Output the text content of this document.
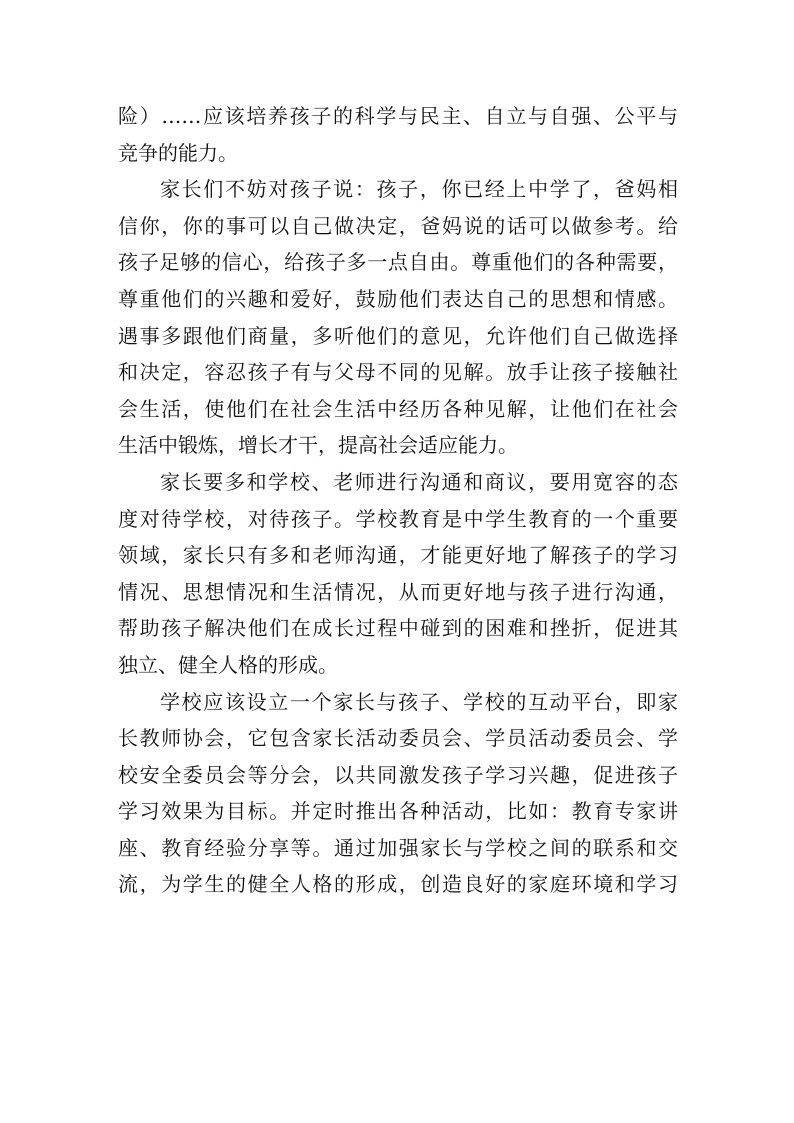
险）……应该培养孩子的科学与民主、自立与自强、公平与
竞争的能力。
家长们不妨对孩子说：孩子，你已经上中学了，爸妈相
信你，你的事可以自己做决定，爸妈说的话可以做参考。给
孩子足够的信心，给孩子多一点自由。尊重他们的各种需要，
尊重他们的兴趣和爱好，鼓励他们表达自己的思想和情感。
遇事多跟他们商量，多听他们的意见，允许他们自己做选择
和决定，容忍孩子有与父母不同的见解。放手让孩子接触社
会生活，使他们在社会生活中经历各种见解，让他们在社会
生活中锻炼，增长才干，提高社会适应能力。
家长要多和学校、老师进行沟通和商议，要用宽容的态
度对待学校，对待孩子。学校教育是中学生教育的一个重要
领域，家长只有多和老师沟通，才能更好地了解孩子的学习
情况、思想情况和生活情况，从而更好地与孩子进行沟通，
帮助孩子解决他们在成长过程中碰到的困难和挫折，促进其
独立、健全人格的形成。
学校应该设立一个家长与孩子、学校的互动平台，即家
长教师协会，它包含家长活动委员会、学员活动委员会、学
校安全委员会等分会，以共同激发孩子学习兴趣，促进孩子
学习效果为目标。并定时推出各种活动，比如：教育专家讲
座、教育经验分享等。通过加强家长与学校之间的联系和交
流，为学生的健全人格的形成，创造良好的家庭环境和学习
